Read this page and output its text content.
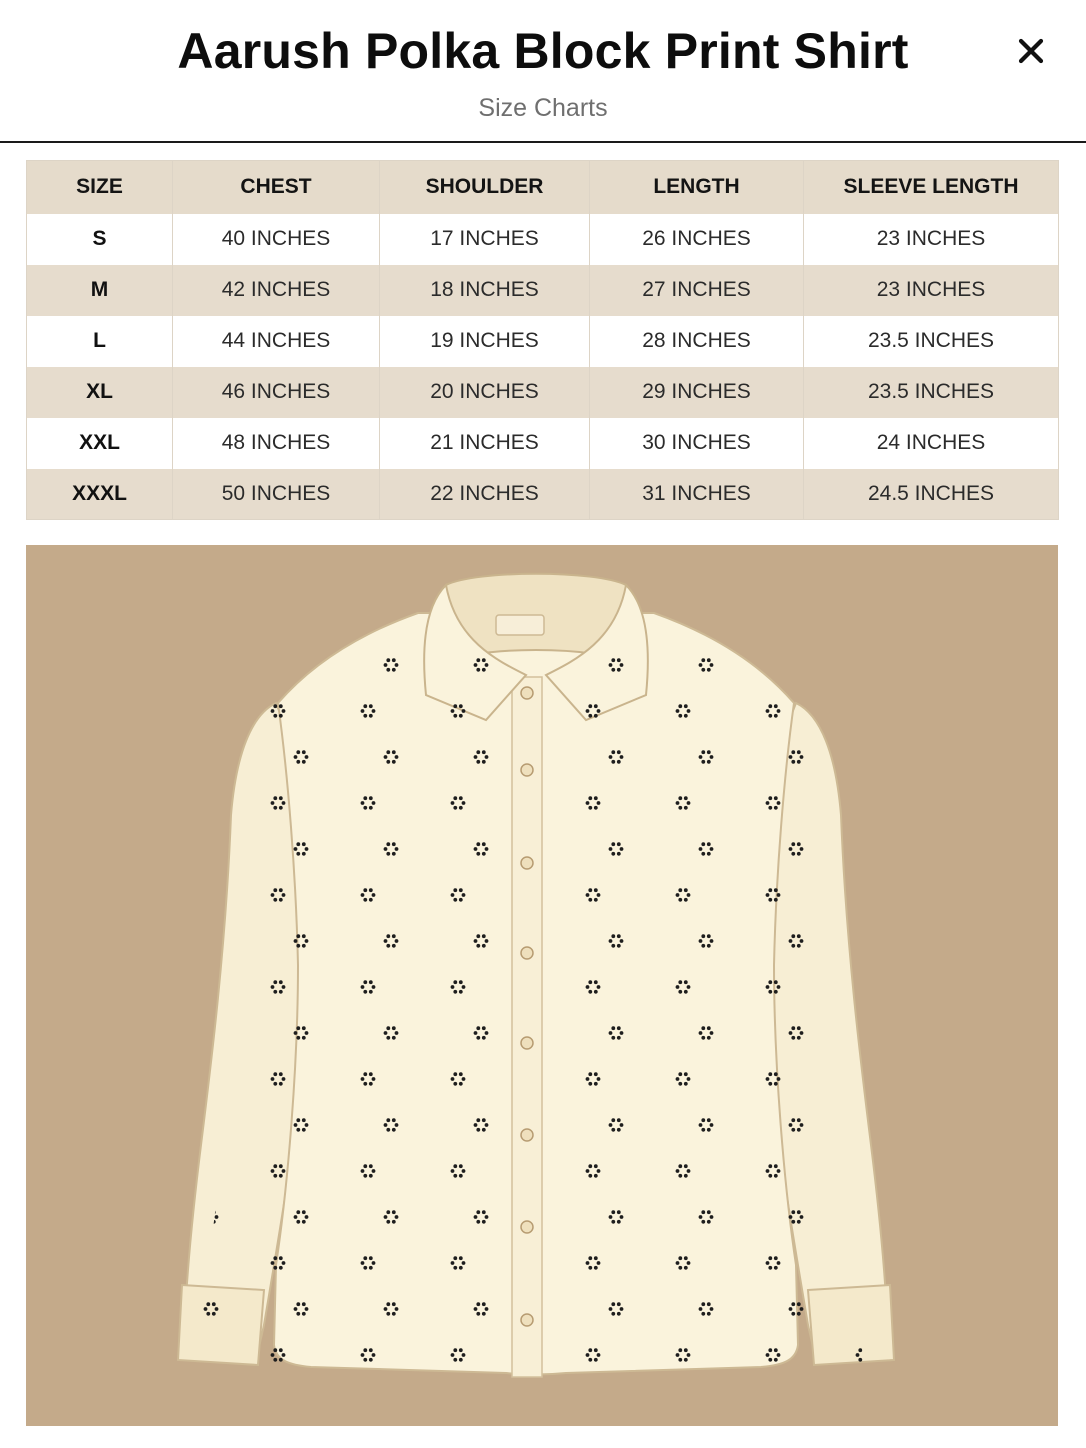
Aarush Polka Block Print Shirt
Size Charts
SIZE	CHEST	SHOULDER	LENGTH	SLEEVE LENGTH
S	40 INCHES	17 INCHES	26 INCHES	23 INCHES
M	42 INCHES	18 INCHES	27 INCHES	23 INCHES
L	44 INCHES	19 INCHES	28 INCHES	23.5 INCHES
XL	46 INCHES	20 INCHES	29 INCHES	23.5 INCHES
XXL	48 INCHES	21 INCHES	30 INCHES	24 INCHES
XXXL	50 INCHES	22 INCHES	31 INCHES	24.5 INCHES
